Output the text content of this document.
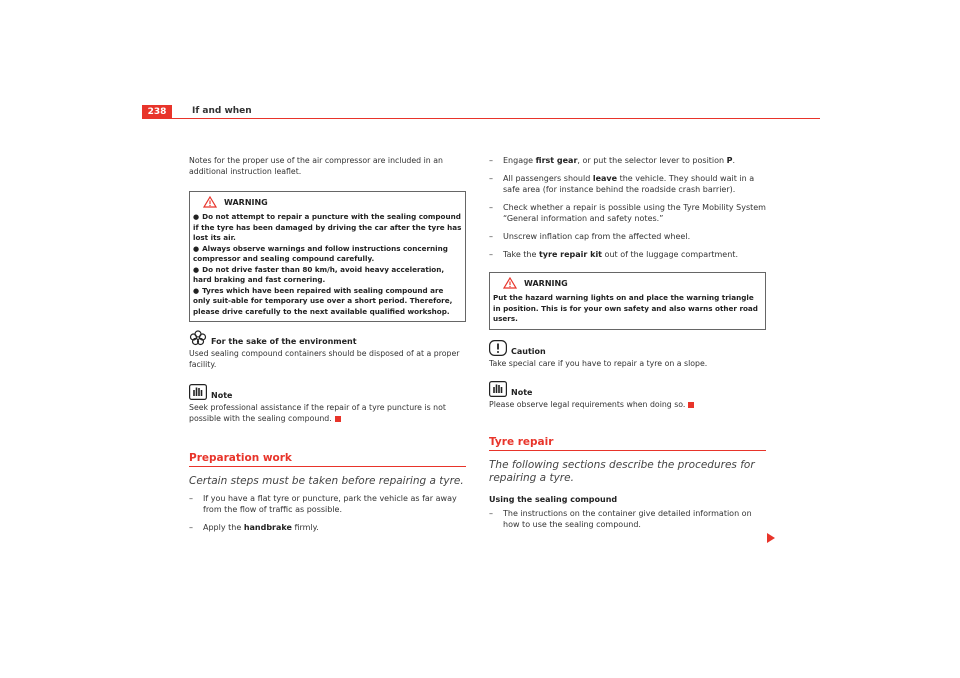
238	If and when

Notes for the proper use of the air compressor are included in an additional instruction leaflet.

WARNING

● Do not attempt to repair a puncture with the sealing compound if the tyre has been damaged by driving the car after the tyre has lost its air.

● Always observe warnings and follow instructions concerning compressor and sealing compound carefully.

● Do not drive faster than 80 km/h, avoid heavy acceleration, hard braking and fast cornering.

● Tyres which have been repaired with sealing compound are only suit-able for temporary use over a short period. Therefore, please drive carefully to the next available qualified workshop.

For the sake of the environment

Used sealing compound containers should be disposed of at a proper facility.

Note

Seek professional assistance if the repair of a tyre puncture is not possible with the sealing compound.

Preparation work

Certain steps must be taken before repairing a tyre.

–	If you have a flat tyre or puncture, park the vehicle as far away from the flow of traffic as possible.
–	Apply the handbrake firmly.
–	Engage first gear, or put the selector lever to position P.
–	All passengers should leave the vehicle. They should wait in a safe area (for instance behind the roadside crash barrier).
–	Check whether a repair is possible using the Tyre Mobility System “General information and safety notes.”
–	Unscrew inflation cap from the affected wheel.
–	Take the tyre repair kit out of the luggage compartment.
WARNING

Put the hazard warning lights on and place the warning triangle in position. This is for your own safety and also warns other road users.

Caution

Take special care if you have to repair a tyre on a slope.

Note

Please observe legal requirements when doing so.

Tyre repair

The following sections describe the procedures for repairing a tyre.

Using the sealing compound

–	The instructions on the container give detailed information on how to use the sealing compound.
